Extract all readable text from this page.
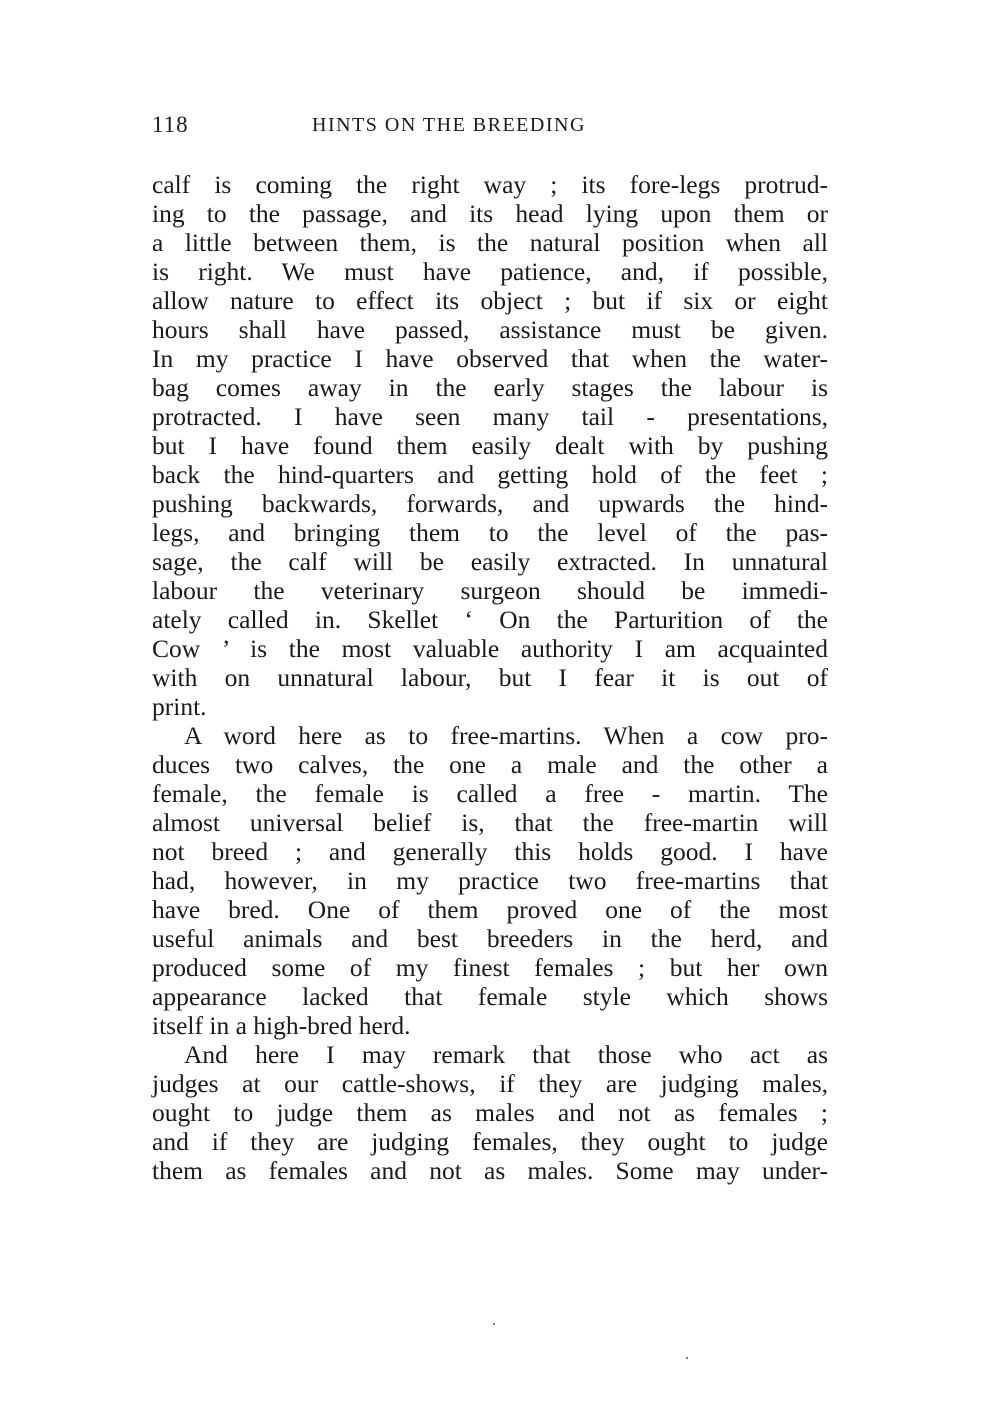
118	HINTS ON THE BREEDING
calf is coming the right way ; its fore-legs protrud-
ing to the passage, and its head lying upon them or
a little between them, is the natural position when all
is right. We must have patience, and, if possible,
allow nature to effect its object ; but if six or eight
hours shall have passed, assistance must be given.
In my practice I have observed that when the water-
bag comes away in the early stages the labour is
protracted. I have seen many tail - presentations,
but I have found them easily dealt with by pushing
back the hind-quarters and getting hold of the feet ;
pushing backwards, forwards, and upwards the hind-
legs, and bringing them to the level of the pas-
sage, the calf will be easily extracted. In unnatural
labour the veterinary surgeon should be immedi-
ately called in. Skellet ‘ On the Parturition of the
Cow ’ is the most valuable authority I am acquainted
with on unnatural labour, but I fear it is out of
print.
A word here as to free-martins. When a cow pro-
duces two calves, the one a male and the other a
female, the female is called a free - martin. The
almost universal belief is, that the free-martin will
not breed ; and generally this holds good. I have
had, however, in my practice two free-martins that
have bred. One of them proved one of the most
useful animals and best breeders in the herd, and
produced some of my finest females ; but her own
appearance lacked that female style which shows
itself in a high-bred herd.
And here I may remark that those who act as
judges at our cattle-shows, if they are judging males,
ought to judge them as males and not as females ;
and if they are judging females, they ought to judge
them as females and not as males. Some may under-
